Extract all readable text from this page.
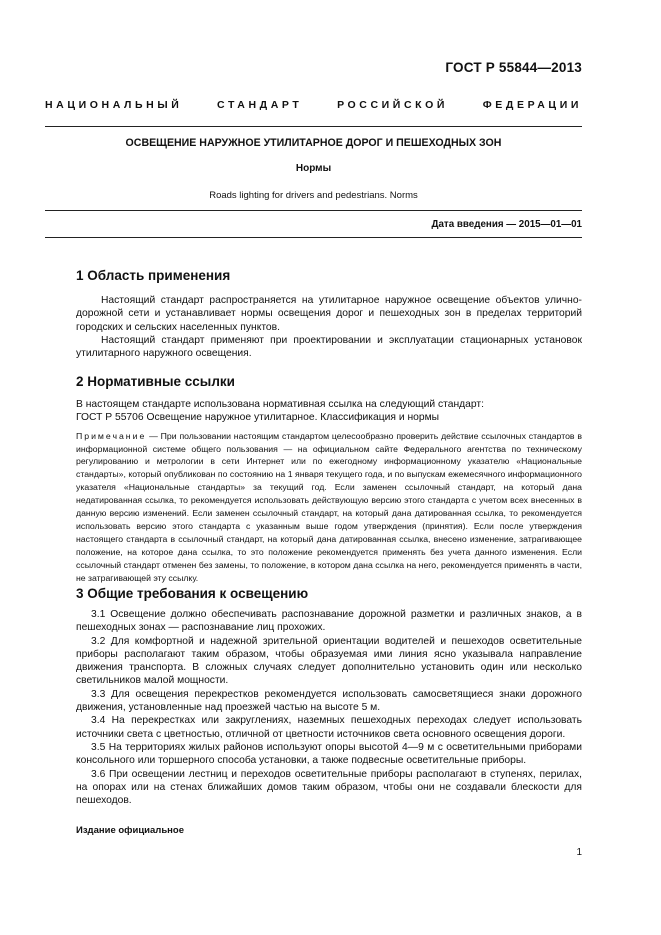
ГОСТ Р 55844—2013
НАЦИОНАЛЬНЫЙ СТАНДАРТ РОССИЙСКОЙ ФЕДЕРАЦИИ
ОСВЕЩЕНИЕ НАРУЖНОЕ УТИЛИТАРНОЕ ДОРОГ И ПЕШЕХОДНЫХ ЗОН
Нормы
Roads lighting for drivers and pedestrians. Norms
Дата введения — 2015—01—01
1 Область применения

Настоящий стандарт распространяется на утилитарное наружное освещение объектов улично-дорожной сети и устанавливает нормы освещения дорог и пешеходных зон в пределах территорий городских и сельских населенных пунктов.

Настоящий стандарт применяют при проектировании и эксплуатации стационарных установок утилитарного наружного освещения.

2 Нормативные ссылки

В настоящем стандарте использована нормативная ссылка на следующий стандарт:

ГОСТ Р 55706 Освещение наружное утилитарное. Классификация и нормы

Примечание — При пользовании настоящим стандартом целесообразно проверить действие ссылочных стандартов в информационной системе общего пользования — на официальном сайте Федерального агентства по техническому регулированию и метрологии в сети Интернет или по ежегодному информационному указателю «Национальные стандарты», который опубликован по состоянию на 1 января текущего года, и по выпускам ежемесячного информационного указателя «Национальные стандарты» за текущий год. Если заменен ссылочный стандарт, на который дана недатированная ссылка, то рекомендуется использовать действующую версию этого стандарта с учетом всех внесенных в данную версию изменений. Если заменен ссылочный стандарт, на который дана датированная ссылка, то рекомендуется использовать версию этого стандарта с указанным выше годом утверждения (принятия). Если после утверждения настоящего стандарта в ссылочный стандарт, на который дана датированная ссылка, внесено изменение, затрагивающее положение, на которое дана ссылка, то это положение рекомендуется применять без учета данного изменения. Если ссылочный стандарт отменен без замены, то положение, в котором дана ссылка на него, рекомендуется применять в части, не затрагивающей эту ссылку.

3 Общие требования к освещению

3.1 Освещение должно обеспечивать распознавание дорожной разметки и различных знаков, а в пешеходных зонах — распознавание лиц прохожих.

3.2 Для комфортной и надежной зрительной ориентации водителей и пешеходов осветительные приборы располагают таким образом, чтобы образуемая ими линия ясно указывала направление движения транспорта. В сложных случаях следует дополнительно установить один или несколько светильников малой мощности.

3.3 Для освещения перекрестков рекомендуется использовать самосветящиеся знаки дорожного движения, установленные над проезжей частью на высоте 5 м.

3.4 На перекрестках или закруглениях, наземных пешеходных переходах следует использовать источники света с цветностью, отличной от цветности источников света основного освещения дороги.

3.5 На территориях жилых районов используют опоры высотой 4—9 м с осветительными приборами консольного или торшерного способа установки, а также подвесные осветительные приборы.

3.6 При освещении лестниц и переходов осветительные приборы располагают в ступенях, перилах, на опорах или на стенах ближайших домов таким образом, чтобы они не создавали блескости для пешеходов.

Издание официальное
1
